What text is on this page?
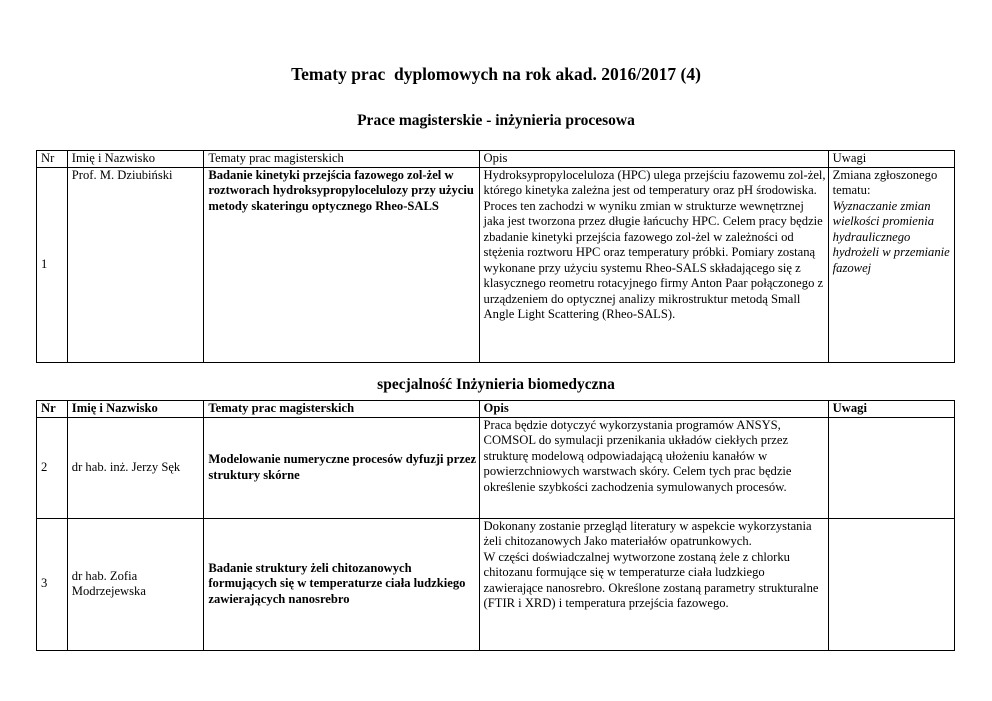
Tematy prac  dyplomowych na rok akad. 2016/2017 (4)
Prace magisterskie - inżynieria procesowa
Nr	Imię i Nazwisko	Tematy prac magisterskich	Opis	Uwagi
1	Prof. M. Dziubiński	Badanie kinetyki przejścia fazowego zol-żel w roztworach hydroksypropylocelulozy przy użyciu metody skateringu optycznego Rheo-SALS	Hydroksypropyloceluloza (HPC) ulega przejściu fazowemu zol-żel, którego kinetyka zależna jest od temperatury oraz pH środowiska. Proces ten zachodzi w wyniku zmian w strukturze wewnętrznej jaka jest tworzona przez długie łańcuchy HPC. Celem pracy będzie zbadanie kinetyki przejścia fazowego zol-żel w zależności od stężenia roztworu HPC oraz temperatury próbki. Pomiary zostaną wykonane przy użyciu systemu Rheo-SALS składającego się z klasycznego reometru rotacyjnego firmy Anton Paar połączonego z urządzeniem do optycznej analizy mikrostruktur metodą Small Angle Light Scattering (Rheo-SALS).	Zmiana zgłoszonego tematu:
Wyznaczanie zmian wielkości promienia hydraulicznego hydrożeli w przemianie fazowej
specjalność Inżynieria biomedyczna
Nr	Imię i Nazwisko	Tematy prac magisterskich	Opis	Uwagi
2	dr hab. inż. Jerzy Sęk	Modelowanie numeryczne procesów dyfuzji przez struktury skórne	Praca będzie dotyczyć wykorzystania programów ANSYS, COMSOL do symulacji przenikania układów ciekłych przez strukturę modelową odpowiadającą ułożeniu kanałów w powierzchniowych warstwach skóry. Celem tych prac będzie określenie szybkości zachodzenia symulowanych procesów.	
3	dr hab. Zofia Modrzejewska	Badanie struktury żeli chitozanowych formujących się w temperaturze ciała ludzkiego zawierających nanosrebro	Dokonany zostanie przegląd literatury w aspekcie wykorzystania żeli chitozanowych Jako materiałów opatrunkowych.
W części doświadczalnej wytworzone zostaną żele z chlorku chitozanu formujące się w temperaturze ciała ludzkiego zawierające nanosrebro. Określone zostaną parametry strukturalne (FTIR i XRD) i temperatura przejścia fazowego.	
